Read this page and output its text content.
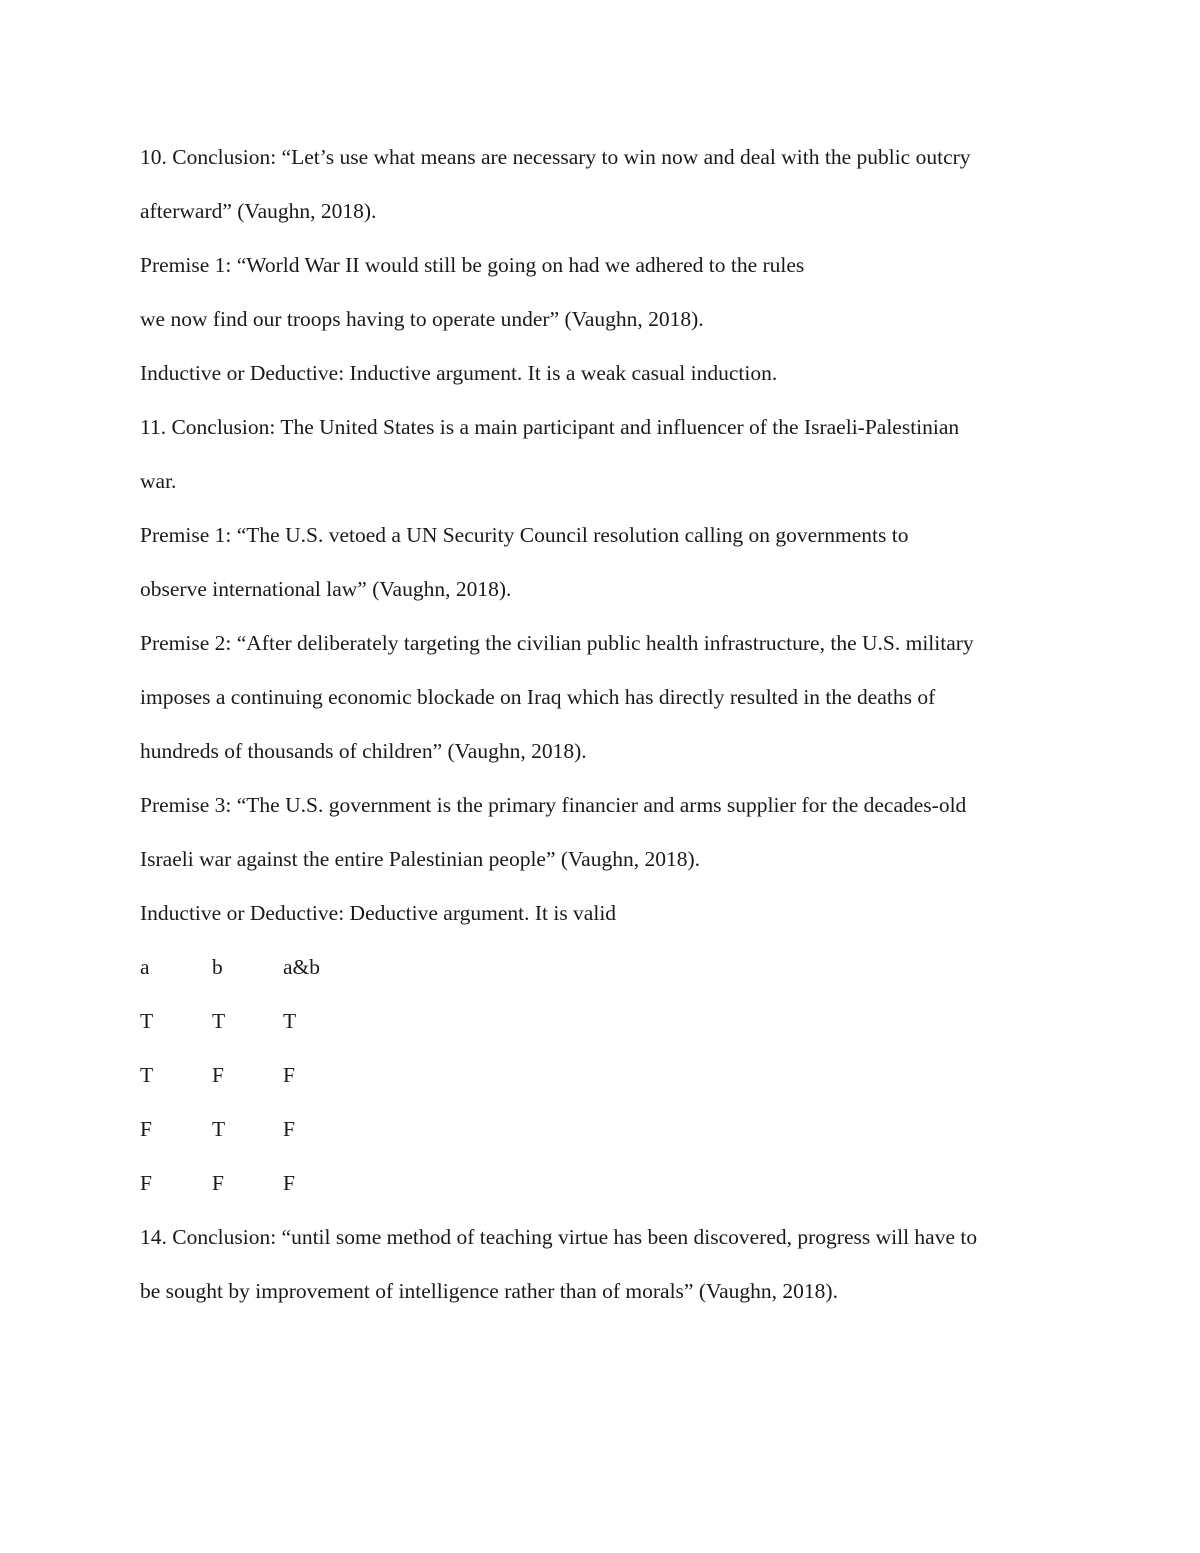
10. Conclusion: “Let’s use what means are necessary to win now and deal with the public outcry
afterward” (Vaughn, 2018).
Premise 1: “World War II would still be going on had we adhered to the rules
we now find our troops having to operate under” (Vaughn, 2018).
Inductive or Deductive: Inductive argument. It is a weak casual induction.
11. Conclusion: The United States is a main participant and influencer of the Israeli-Palestinian
war.
Premise 1: “The U.S. vetoed a UN Security Council resolution calling on governments to
observe international law” (Vaughn, 2018).
Premise 2: “After deliberately targeting the civilian public health infrastructure, the U.S. military
imposes a continuing economic blockade on Iraq which has directly resulted in the deaths of
hundreds of thousands of children” (Vaughn, 2018).
Premise 3: “The U.S. government is the primary financier and arms supplier for the decades-old
Israeli war against the entire Palestinian people” (Vaughn, 2018).
Inductive or Deductive: Deductive argument. It is valid
a	b	a&b
T	T	T
T	F	F
F	T	F
F	F	F
14. Conclusion: “until some method of teaching virtue has been discovered, progress will have to
be sought by improvement of intelligence rather than of morals” (Vaughn, 2018).
